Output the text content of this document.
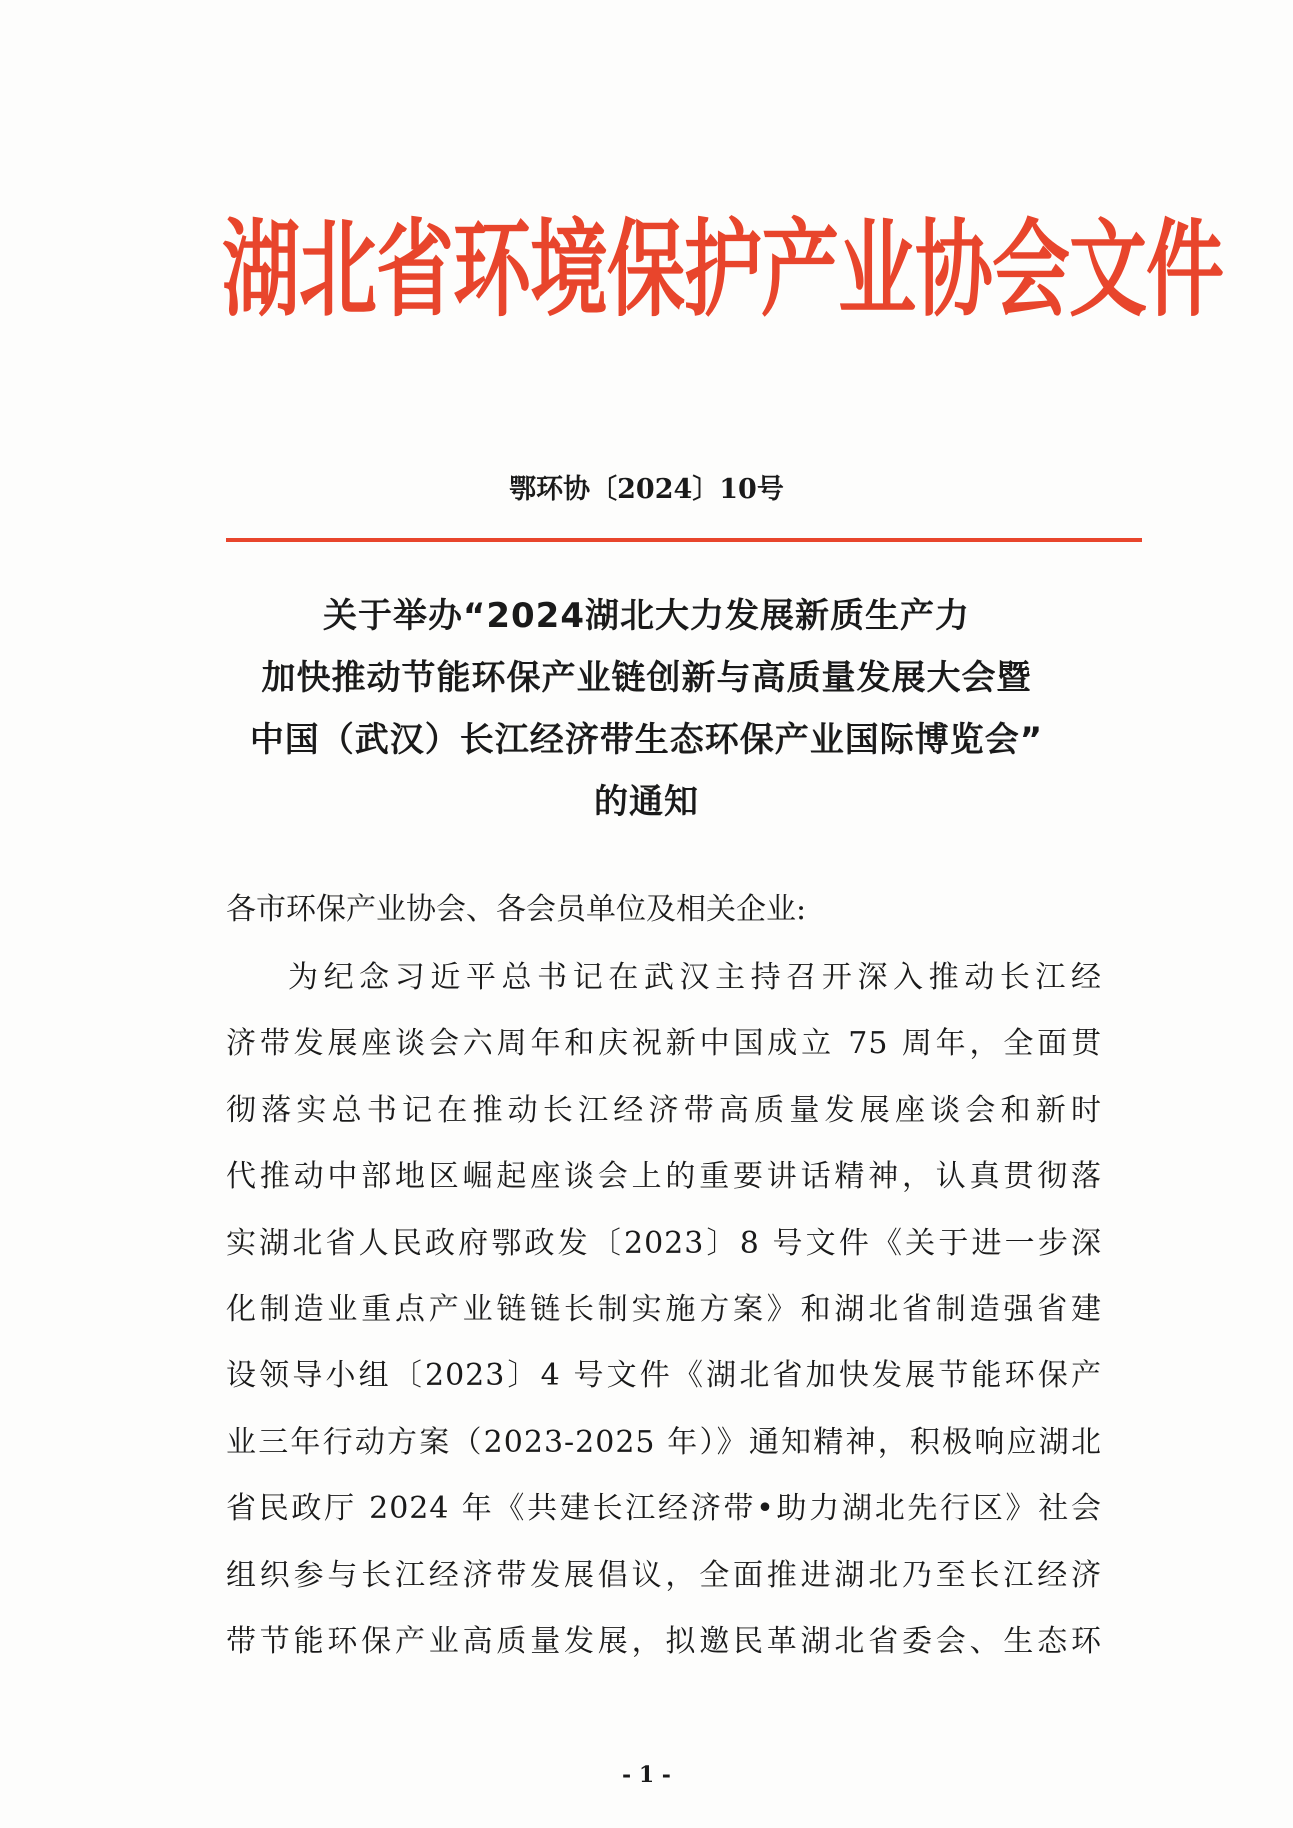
湖北省环境保护产业协会文件
鄂环协〔2024〕10号
关于举办“2024湖北大力发展新质生产力
加快推动节能环保产业链创新与高质量发展大会暨
中国（武汉）长江经济带生态环保产业国际博览会”
的通知
各市环保产业协会、各会员单位及相关企业:
为纪念习近平总书记在武汉主持召开深入推动长江经
济带发展座谈会六周年和庆祝新中国成立 75 周年，全面贯
彻落实总书记在推动长江经济带高质量发展座谈会和新时
代推动中部地区崛起座谈会上的重要讲话精神，认真贯彻落
实湖北省人民政府鄂政发〔2023〕8 号文件《关于进一步深
化制造业重点产业链链长制实施方案》和湖北省制造强省建
设领导小组〔2023〕4 号文件《湖北省加快发展节能环保产
业三年行动方案（2023-2025 年）》通知精神，积极响应湖北
省民政厅 2024 年《共建长江经济带•助力湖北先行区》社会
组织参与长江经济带发展倡议，全面推进湖北乃至长江经济
带节能环保产业高质量发展，拟邀民革湖北省委会、生态环
- 1 -
